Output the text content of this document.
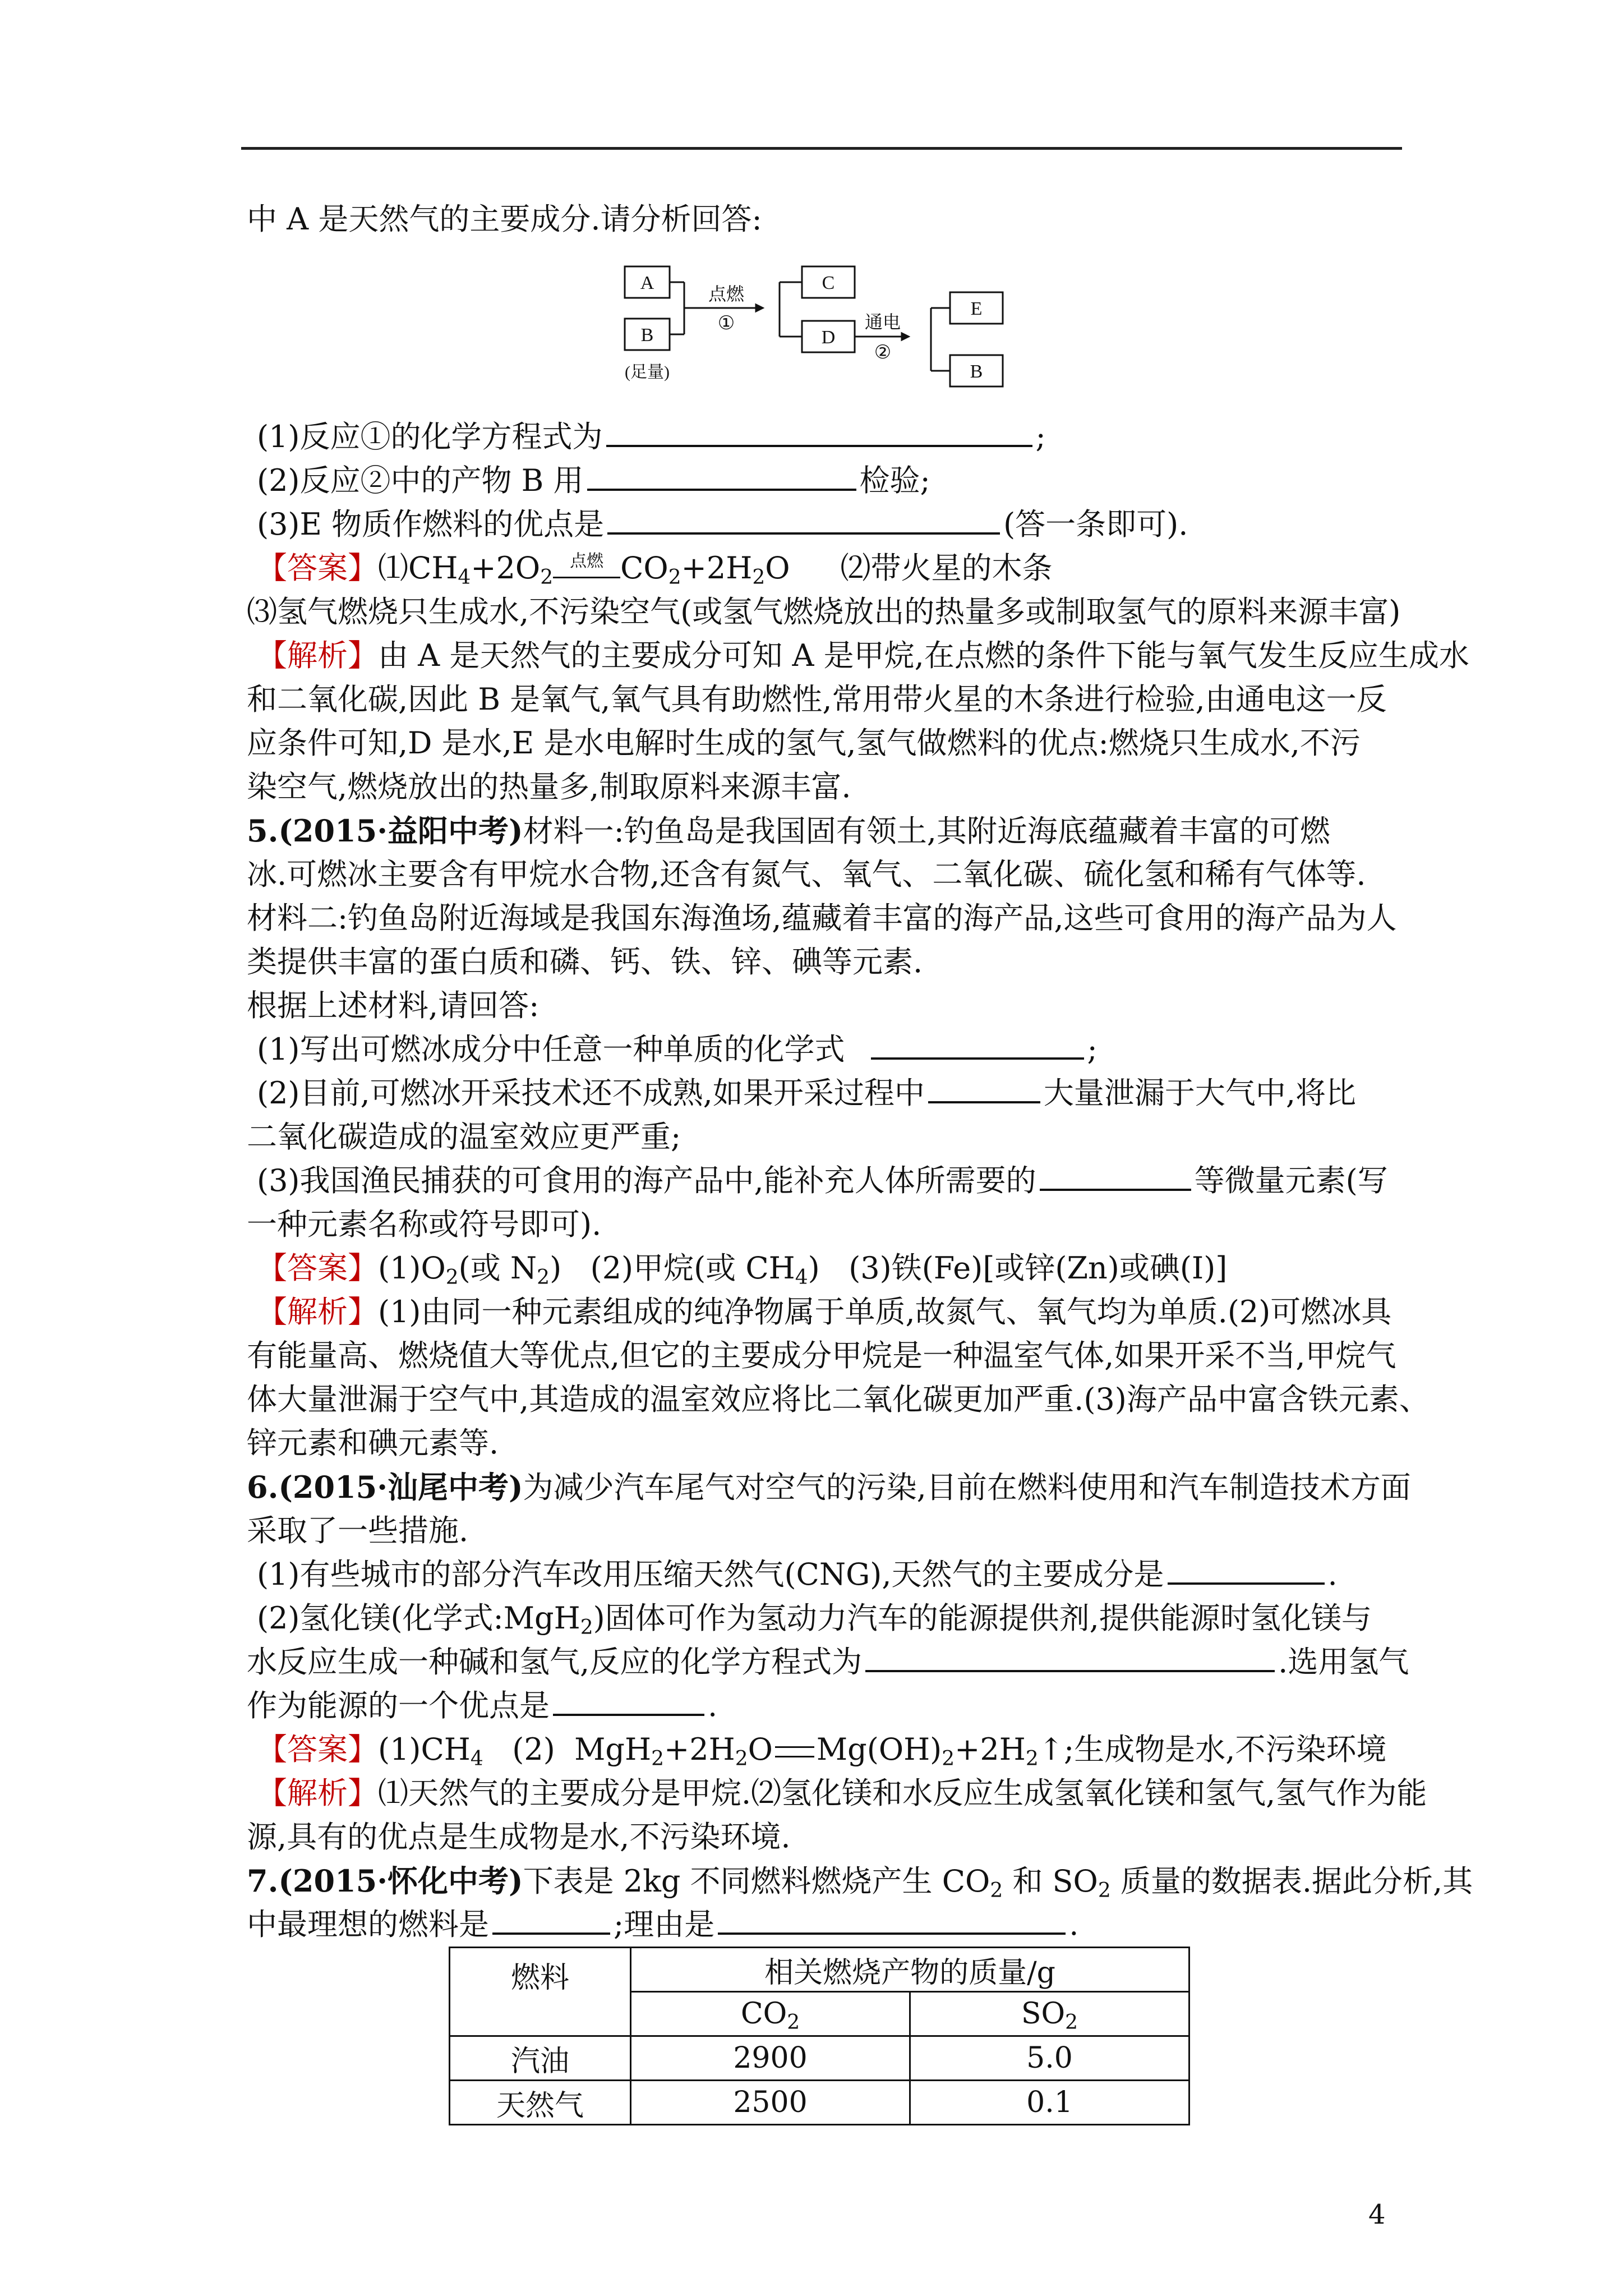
中 A 是天然气的主要成分.请分析回答:
A
B
(足量)
点燃
①
C
D
通电
②
E
B
(1)反应①的化学方程式为	;
(2)反应②中的产物 B 用	检验;
(3)E 物质作燃料的优点是	(答一条即可).
【答案】$⑴CH_4+2O_2$
点燃 $CO_2+2H_2O$ ⑵带火星的木条
⑶氢气燃烧只生成水,不污染空气(或氢气燃烧放出的热量多或制取氢气的原料来源丰富)
【解析】由 A 是天然气的主要成分可知 A 是甲烷,在点燃的条件下能与氧气发生反应生成水
和二氧化碳,因此 B 是氧气,氧气具有助燃性,常用带火星的木条进行检验,由通电这一反
应条件可知,D 是水,E 是水电解时生成的氢气,氢气做燃料的优点:燃烧只生成水,不污
染空气,燃烧放出的热量多,制取原料来源丰富.
5.(2015·益阳中考)材料一:钓鱼岛是我国固有领土,其附近海底蕴藏着丰富的可燃
冰.可燃冰主要含有甲烷水合物,还含有氮气、氧气、二氧化碳、硫化氢和稀有气体等.
材料二:钓鱼岛附近海域是我国东海渔场,蕴藏着丰富的海产品,这些可食用的海产品为人
类提供丰富的蛋白质和磷、钙、铁、锌、碘等元素.
根据上述材料,请回答:
(1)写出可燃冰成分中任意一种单质的化学式	;
(2)目前,可燃冰开采技术还不成熟,如果开采过程中	大量泄漏于大气中,将比
二氧化碳造成的温室效应更严重;
(3)我国渔民捕获的可食用的海产品中,能补充人体所需要的	等微量元素(写
一种元素名称或符号即可).
【答案】$(1)O_2$(或 $N_2$)   (2)甲烷(或 $CH_4$)   (3)铁(Fe)[或锌(Zn)或碘(I)]
【解析】(1)由同一种元素组成的纯净物属于单质,故氮气、氧气均为单质.(2)可燃冰具
有能量高、燃烧值大等优点,但它的主要成分甲烷是一种温室气体,如果开采不当,甲烷气
体大量泄漏于空气中,其造成的温室效应将比二氧化碳更加严重.(3)海产品中富含铁元素、
锌元素和碘元素等.
6.(2015·汕尾中考)为减少汽车尾气对空气的污染,目前在燃料使用和汽车制造技术方面
采取了一些措施.
(1)有些城市的部分汽车改用压缩天然气(CNG),天然气的主要成分是	.
(2)氢化镁(化学式:MgH$_2$)固体可作为氢动力汽车的能源提供剂,提供能源时氢化镁与
水反应生成一种碱和氢气,反应的化学方程式为	.选用氢气
作为能源的一个优点是	.
【答案】$(1)CH_4$   (2)  $MgH_2+2H_2O$ $Mg(OH)_2+2H_2↑$;生成物是水,不污染环境
【解析】⑴天然气的主要成分是甲烷.⑵氢化镁和水反应生成氢氧化镁和氢气,氢气作为能
源,具有的优点是生成物是水,不污染环境.
7.(2015·怀化中考)下表是 2kg 不同燃料燃烧产生 $CO_2$ 和 $SO_2$ 质量的数据表.据此分析,其
中最理想的燃料是	;理由是	.
燃料	相关燃烧产物的质量/g	
	$CO_2$	$SO_2$
汽油	2900	5.0
天然气	2500	0.1
4
